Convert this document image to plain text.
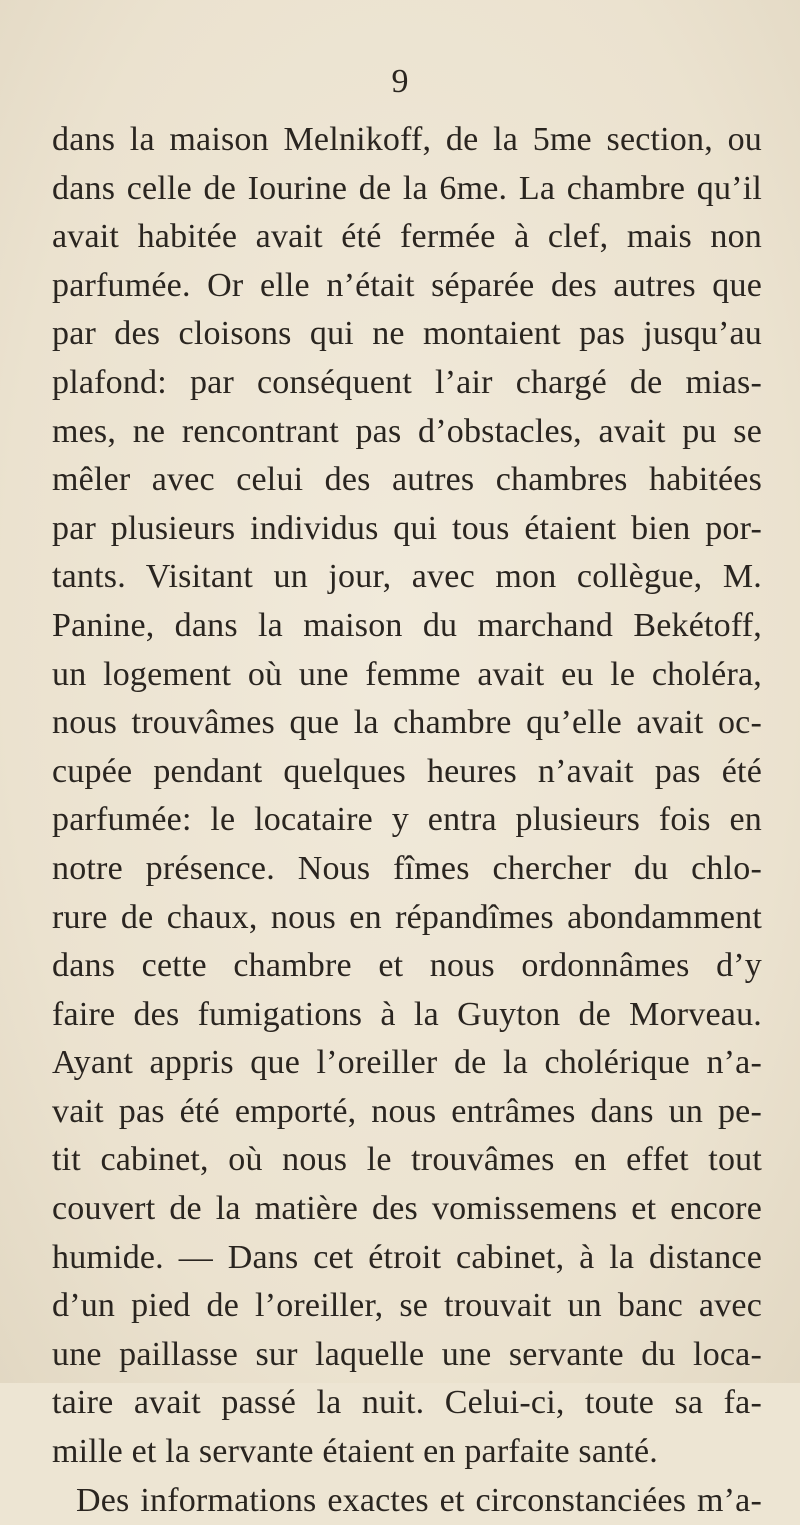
9
dans la maison Melnikoff, de la 5me section, ou
dans celle de Iourine de la 6me. La chambre qu’il
avait habitée avait été fermée à clef, mais non
parfumée. Or elle n’était séparée des autres que
par des cloisons qui ne montaient pas jusqu’au
plafond: par conséquent l’air chargé de mias-
mes, ne rencontrant pas d’obstacles, avait pu se
mêler avec celui des autres chambres habitées
par plusieurs individus qui tous étaient bien por-
tants. Visitant un jour, avec mon collègue, M.
Panine, dans la maison du marchand Bekétoff,
un logement où une femme avait eu le choléra,
nous trouvâmes que la chambre qu’elle avait oc-
cupée pendant quelques heures n’avait pas été
parfumée: le locataire y entra plusieurs fois en
notre présence. Nous fîmes chercher du chlo-
rure de chaux, nous en répandîmes abondamment
dans cette chambre et nous ordonnâmes d’y
faire des fumigations à la Guyton de Morveau.
Ayant appris que l’oreiller de la cholérique n’a-
vait pas été emporté, nous entrâmes dans un pe-
tit cabinet, où nous le trouvâmes en effet tout
couvert de la matière des vomissemens et encore
humide. — Dans cet étroit cabinet, à la distance
d’un pied de l’oreiller, se trouvait un banc avec
une paillasse sur laquelle une servante du loca-
taire avait passé la nuit. Celui-ci, toute sa fa-
mille et la servante étaient en parfaite santé.
Des informations exactes et circonstanciées m’a-
